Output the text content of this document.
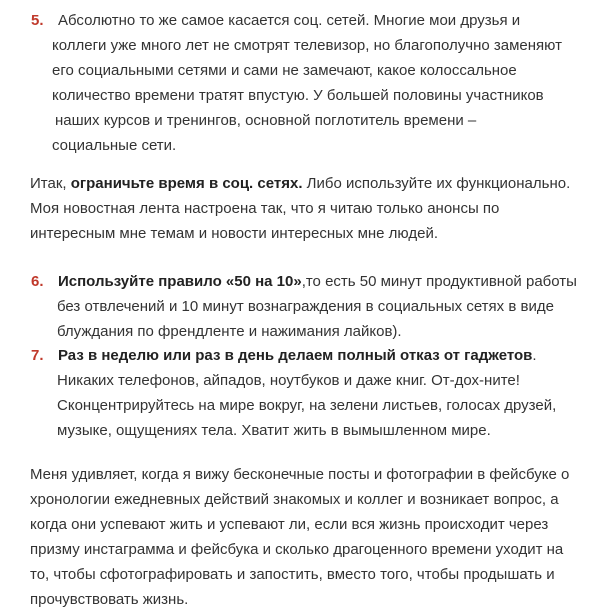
5. Абсолютно то же самое касается соц. сетей. Многие мои друзья и
коллеги уже много лет не смотрят телевизор, но благополучно заменяют
его социальными сетями и сами не замечают, какое колоссальное
количество времени тратят впустую. У большей половины участников
наших курсов и тренингов, основной поглотитель времени –
социальные сети.
Итак, ограничьте время в соц. сетях. Либо используйте их функционально.
Моя новостная лента настроена так, что я читаю только анонсы по
интересным мне темам и новости интересных мне людей.
6. Используйте правило «50 на 10»,то есть 50 минут продуктивной работы
без отвлечений и 10 минут вознаграждения в социальных сетях в виде
блуждания по френдленте и нажимания лайков).
7. Раз в неделю или раз в день делаем полный отказ от гаджетов.
Никаких телефонов, айпадов, ноутбуков и даже книг. От-дох-ните!
Сконцентрируйтесь на мире вокруг, на зелени листьев, голосах друзей,
музыке, ощущениях тела. Хватит жить в вымышленном мире.
Меня удивляет, когда я вижу бесконечные посты и фотографии в фейсбуке о
хронологии ежедневных действий знакомых и коллег и возникает вопрос, а
когда они успевают жить и успевают ли, если вся жизнь происходит через
призму инстаграмма и фейсбука и сколько драгоценного времени уходит на
то, чтобы сфотографировать и запостить, вместо того, чтобы продышать и
прочувствовать жизнь.
